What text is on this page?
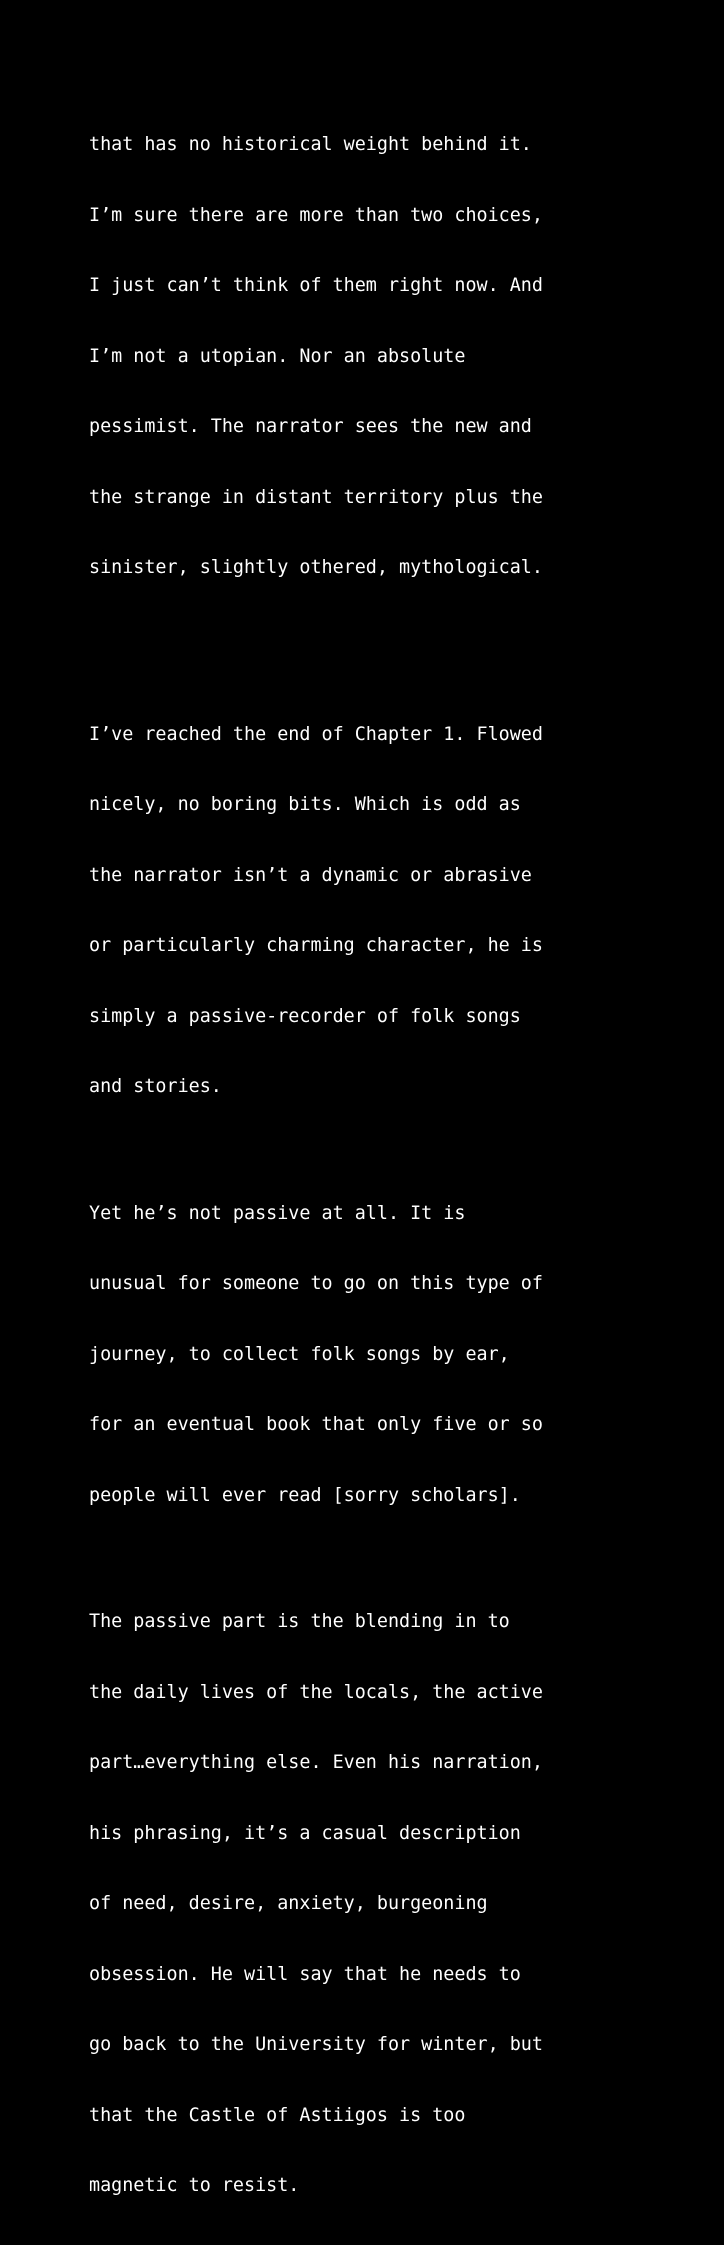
that has no historical weight behind it.

I’m sure there are more than two choices,

I just can’t think of them right now. And

I’m not a utopian. Nor an absolute

pessimist. The narrator sees the new and

the strange in distant territory plus the

sinister, slightly othered, mythological.

I’ve reached the end of Chapter 1. Flowed

nicely, no boring bits. Which is odd as

the narrator isn’t a dynamic or abrasive

or particularly charming character, he is

simply a passive-recorder of folk songs

and stories.

Yet he’s not passive at all. It is

unusual for someone to go on this type of

journey, to collect folk songs by ear,

for an eventual book that only five or so

people will ever read [sorry scholars].

The passive part is the blending in to

the daily lives of the locals, the active

part…everything else. Even his narration,

his phrasing, it’s a casual description

of need, desire, anxiety, burgeoning

obsession. He will say that he needs to

go back to the University for winter, but

that the Castle of Astiigos is too

magnetic to resist.
